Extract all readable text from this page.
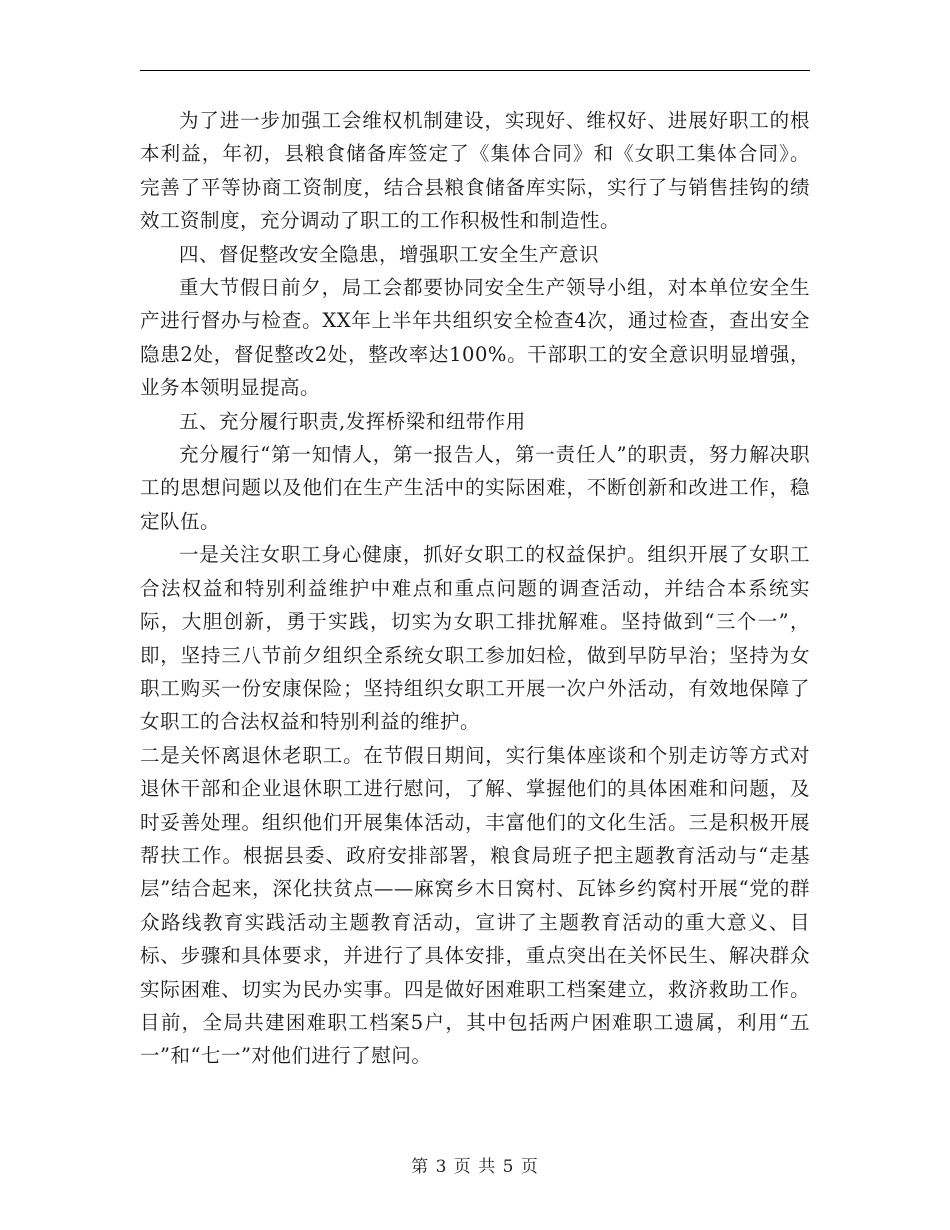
为了进一步加强工会维权机制建设，实现好、维权好、进展好职工的根本利益，年初，县粮食储备库签定了《集体合同》和《女职工集体合同》。完善了平等协商工资制度，结合县粮食储备库实际，实行了与销售挂钩的绩效工资制度，充分调动了职工的工作积极性和制造性。

四、督促整改安全隐患，增强职工安全生产意识

重大节假日前夕，局工会都要协同安全生产领导小组，对本单位安全生产进行督办与检查。XX年上半年共组织安全检查4次，通过检查，查出安全隐患2处，督促整改2处，整改率达100%。干部职工的安全意识明显增强，业务本领明显提高。

五、充分履行职责,发挥桥梁和纽带作用

充分履行“第一知情人，第一报告人，第一责任人”的职责，努力解决职工的思想问题以及他们在生产生活中的实际困难，不断创新和改进工作，稳定队伍。

一是关注女职工身心健康，抓好女职工的权益保护。组织开展了女职工合法权益和特别利益维护中难点和重点问题的调查活动，并结合本系统实际，大胆创新，勇于实践，切实为女职工排扰解难。坚持做到“三个一”，即，坚持三八节前夕组织全系统女职工参加妇检，做到早防早治；坚持为女职工购买一份安康保险；坚持组织女职工开展一次户外活动，有效地保障了女职工的合法权益和特别利益的维护。

二是关怀离退休老职工。在节假日期间，实行集体座谈和个别走访等方式对退休干部和企业退休职工进行慰问，了解、掌握他们的具体困难和问题，及时妥善处理。组织他们开展集体活动，丰富他们的文化生活。三是积极开展帮扶工作。根据县委、政府安排部署，粮食局班子把主题教育活动与“走基层”结合起来，深化扶贫点——麻窝乡木日窝村、瓦钵乡约窝村开展“党的群众路线教育实践活动主题教育活动，宣讲了主题教育活动的重大意义、目标、步骤和具体要求，并进行了具体安排，重点突出在关怀民生、解决群众实际困难、切实为民办实事。四是做好困难职工档案建立，救济救助工作。目前，全局共建困难职工档案5户，其中包括两户困难职工遗属，利用“五一”和“七一”对他们进行了慰问。

第 3 页 共 5 页
